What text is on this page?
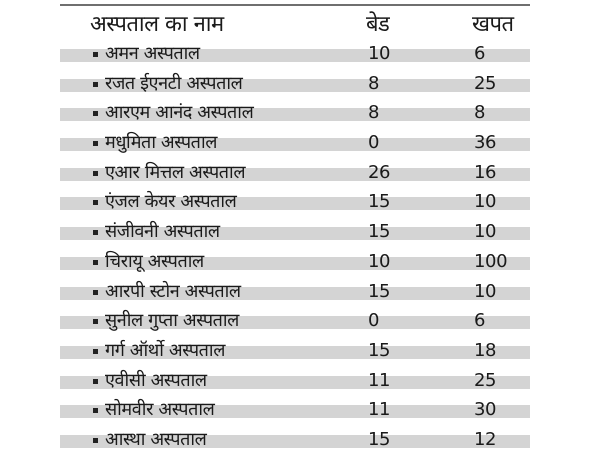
अस्पताल का नाम	बेड	खपत
अमन अस्पताल	10	6
रजत ईएनटी अस्पताल	8	25
आरएम आनंद अस्पताल	8	8
मधुमिता अस्पताल	0	36
एआर मित्तल अस्पताल	26	16
एंजल केयर अस्पताल	15	10
संजीवनी अस्पताल	15	10
चिरायू अस्पताल	10	100
आरपी स्टोन अस्पताल	15	10
सुनील गुप्ता अस्पताल	0	6
गर्ग ऑर्थो अस्पताल	15	18
एवीसी अस्पताल	11	25
सोमवीर अस्पताल	11	30
आस्था अस्पताल	15	12
